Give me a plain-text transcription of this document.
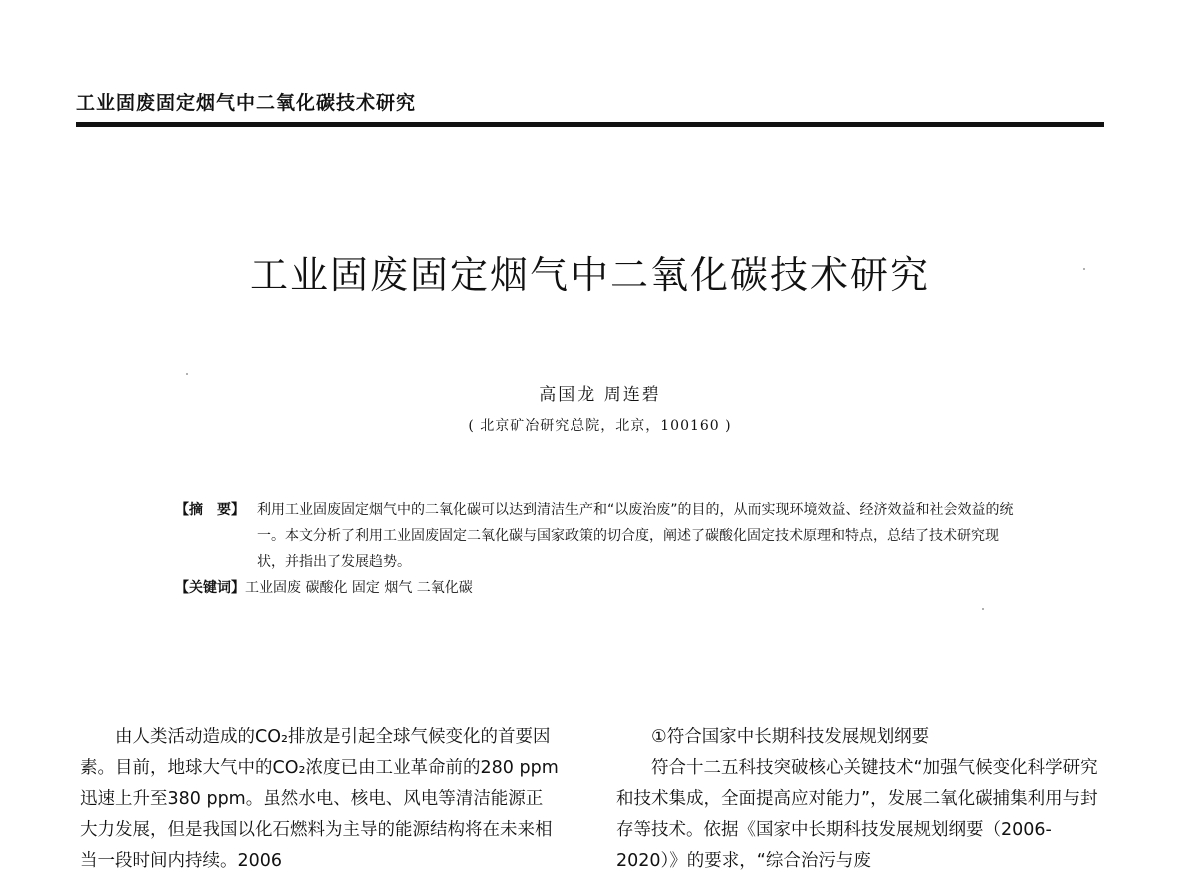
工业固废固定烟气中二氧化碳技术研究
工业固废固定烟气中二氧化碳技术研究
高国龙 周连碧
( 北京矿冶研究总院，北京，100160 )
【摘　要】 利用工业固废固定烟气中的二氧化碳可以达到清洁生产和“以废治废”的目的，从而实现环境效益、经济效益和社会效益的统一。本文分析了利用工业固废固定二氧化碳与国家政策的切合度，阐述了碳酸化固定技术原理和特点，总结了技术研究现状，并指出了发展趋势。
【关键词】 工业固废 碳酸化 固定 烟气 二氧化碳

由人类活动造成的CO₂排放是引起全球气候变化的首要因素。目前，地球大气中的CO₂浓度已由工业革命前的280 ppm迅速上升至380 ppm。虽然水电、核电、风电等清洁能源正大力发展，但是我国以化石燃料为主导的能源结构将在未来相当一段时间内持续。2006

①符合国家中长期科技发展规划纲要

符合十二五科技突破核心关键技术“加强气候变化科学研究和技术集成，全面提高应对能力”，发展二氧化碳捕集利用与封存等技术。依据《国家中长期科技发展规划纲要（2006-2020）》的要求，“综合治污与废
